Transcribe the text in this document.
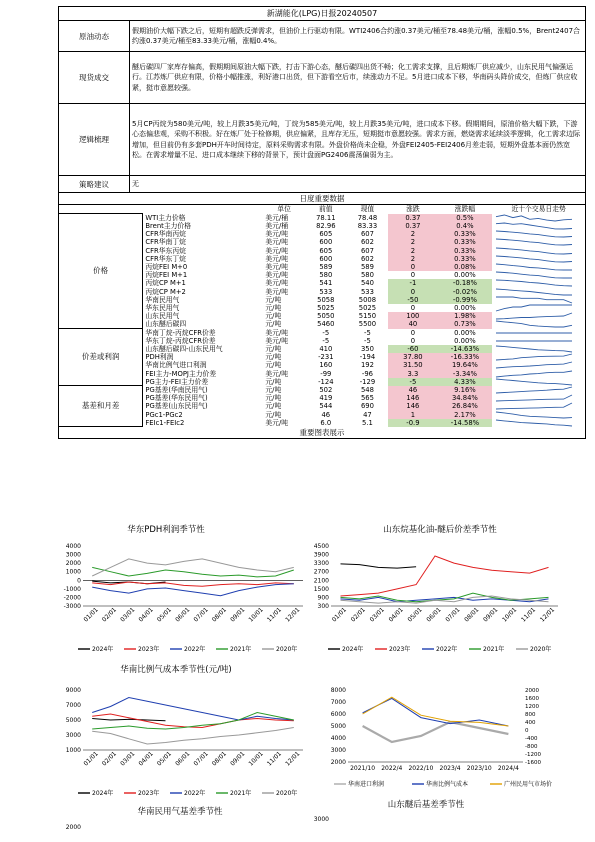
新湖能化(LPG)日报20240507	
原油动态	假期油价大幅下跌之后，短期有超跌反弹需求，但油价上行驱动有限。WTI2406合约涨0.37美元/桶至78.48美元/桶，涨幅0.5%，Brent2407合约涨0.37美元/桶至83.33美元/桶，涨幅0.4%。
现货成交	醚后碳四厂家库存偏高，假期期间原油大幅下跌，打击下游心态，醚后碳四出货不畅；化工需求支撑，且后期炼厂供应减少，山东民用气偏强运行。江苏炼厂供应有限，价格小幅推涨，利好港口出货，但下游看空后市，续涨动力不足。5月进口成本下移，华南码头降价成交，但炼厂供应收紧，挺市意愿较强。
逻辑梳理	5月CP丙烷为580美元/吨，较上月跌35美元/吨，丁烷为585美元/吨，较上月跌35美元/吨，进口成本下移。假期期间，原油价格大幅下跌，下游心态偏悲观，采购不积极。好在炼厂处于检修期，供应偏紧，且库存无压，短期挺市意愿较强。需求方面，燃烧需求延续淡季逻辑，化工需求边际增加，但目前仍有多套PDH开车时间待定，原料采购需求有限。外盘价格尚未企稳，外盘FEI2405-FEI2406月差走弱，短期外盘基本面仍然宽松。在需求增量不足、进口成本继续下移的背景下，预计盘面PG2406震荡偏弱为主。
策略建议	无
日度重要数据
		单位	前值	现值	涨跌	涨跌幅	近十个交易日走势
价格	WTI主力价格	美元/桶	78.11	78.48	0.37	0.5%	

	Brent主力价格	美元/桶	82.96	83.33	0.37	0.4%	

	CFR华南丙烷	美元/吨	605	607	2	0.33%	

	CFR华南丁烷	美元/吨	600	602	2	0.33%	

	CFR华东丙烷	美元/吨	605	607	2	0.33%	

	CFR华东丁烷	美元/吨	600	602	2	0.33%	

	丙烷FEI M+0	美元/吨	589	589	0	0.08%	

	丙烷FEI M+1	美元/吨	580	580	0	0.00%	

	丙烷CP M+1	美元/吨	541	540	-1	-0.18%	

	丙烷CP M+2	美元/吨	533	533	0	-0.02%	

	华南民用气	元/吨	5058	5008	-50	-0.99%	

	华东民用气	元/吨	5025	5025	0	0.00%	

	山东民用气	元/吨	5050	5150	100	1.98%	

	山东醚后碳四	元/吨	5460	5500	40	0.73%	

价差或利润	华南丁烷-丙烷CFR价差	美元/吨	-5	-5	0	0.00%	

	华东丁烷-丙烷CFR价差	美元/吨	-5	-5	0	0.00%	

	山东醚后碳四-山东民用气	元/吨	410	350	-60	-14.63%	

	PDH利润	元/吨	-231	-194	37.80	-16.33%	

	华南比例气进口利润	元/吨	160	192	31.50	19.64%	

	FEI主力-MOPJ主力价差	美元/吨	-99	-96	3.3	-3.34%	

	PG主力-FEI主力价差	元/吨	-124	-129	-5	4.33%	

基差和月差	PG基差(华南民用气)	元/吨	502	548	46	9.16%	

	PG基差(华东民用气)	元/吨	419	565	146	34.84%	

	PG基差(山东民用气)	元/吨	544	690	146	26.84%	

	PGc1-PGc2	元/吨	46	47	1	2.17%	

	FEIc1-FEIc2	美元/吨	6.0	5.1	-0.9	-14.58%	
重要图表展示
华东PDH利润季节性
4000
3000
2000
1000
0
-1000
-2000
-3000 01/01 02/01 03/01 04/01 05/01 06/01 07/01 08/01 09/01 10/01 11/01 12/01
2024年	2023年	2022年	2021年	2020年
山东烷基化油-醚后价差季节性
4500
3900
3300
2700
2100
1500
900
300 01/01 02/01 03/01 04/01 05/01 06/01 07/01 08/01 09/01 10/01 11/01 12/01
2024年	2023年	2022年	2021年	2020年
华南比例气成本季节性(元/吨)
9000
7000
5000
3000
1000 01/01 02/01 03/01 04/01 05/01 06/01 07/01 08/01 09/01 10/01 11/01 12/01
2024年	2023年	2022年	2021年	2020年
8000
7000
6000
5000
4000
3000
2000
2000
1600
1200
800
400
0
-400
-800
-1200
-1600
2021/10 2022/4 2022/10 2023/4 2023/10 2024/4
华南进口利润	华南比例气成本	广州民用气市场价
华南民用气基差季节性
2000
山东醚后基差季节性
3000
